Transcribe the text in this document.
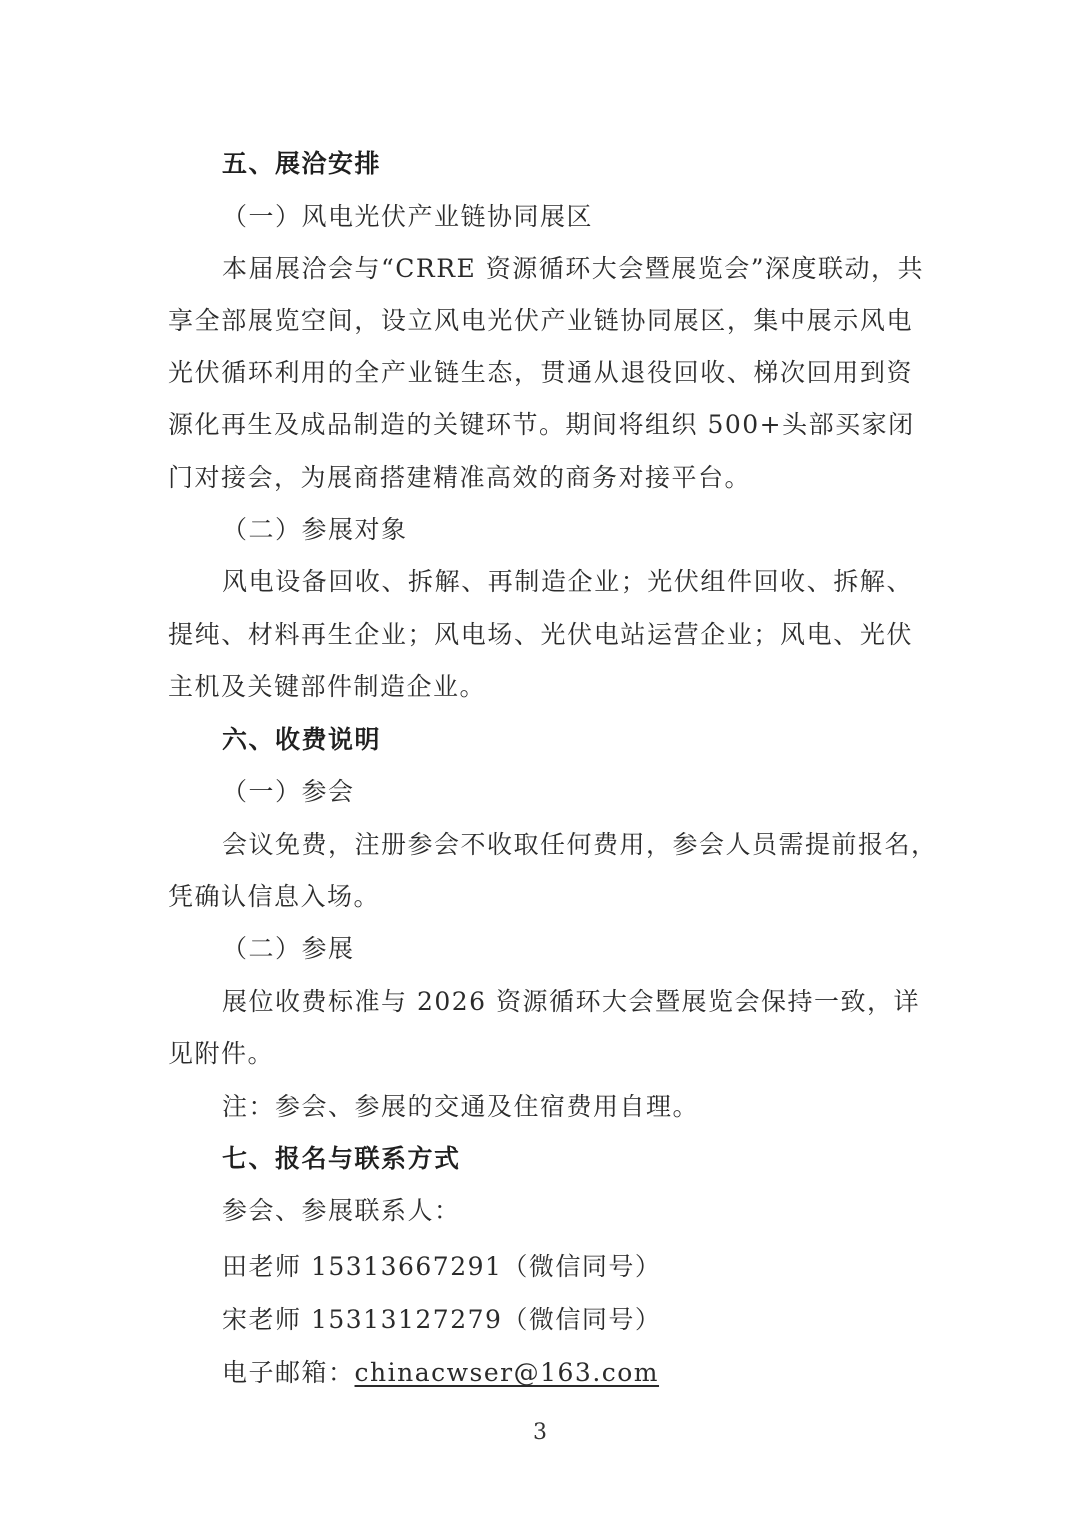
五、展洽安排
（一）风电光伏产业链协同展区
本届展洽会与“CRRE 资源循环大会暨展览会”深度联动，共
享全部展览空间，设立风电光伏产业链协同展区，集中展示风电
光伏循环利用的全产业链生态，贯通从退役回收、梯次回用到资
源化再生及成品制造的关键环节。期间将组织 500+头部买家闭
门对接会，为展商搭建精准高效的商务对接平台。
（二）参展对象
风电设备回收、拆解、再制造企业；光伏组件回收、拆解、
提纯、材料再生企业；风电场、光伏电站运营企业；风电、光伏
主机及关键部件制造企业。
六、收费说明
（一）参会
会议免费，注册参会不收取任何费用，参会人员需提前报名，
凭确认信息入场。
（二）参展
展位收费标准与 2026 资源循环大会暨展览会保持一致，详
见附件。
注：参会、参展的交通及住宿费用自理。
七、报名与联系方式
参会、参展联系人：
田老师 15313667291（微信同号）
宋老师 15313127279（微信同号）
电子邮箱：chinacwser@163.com
3
